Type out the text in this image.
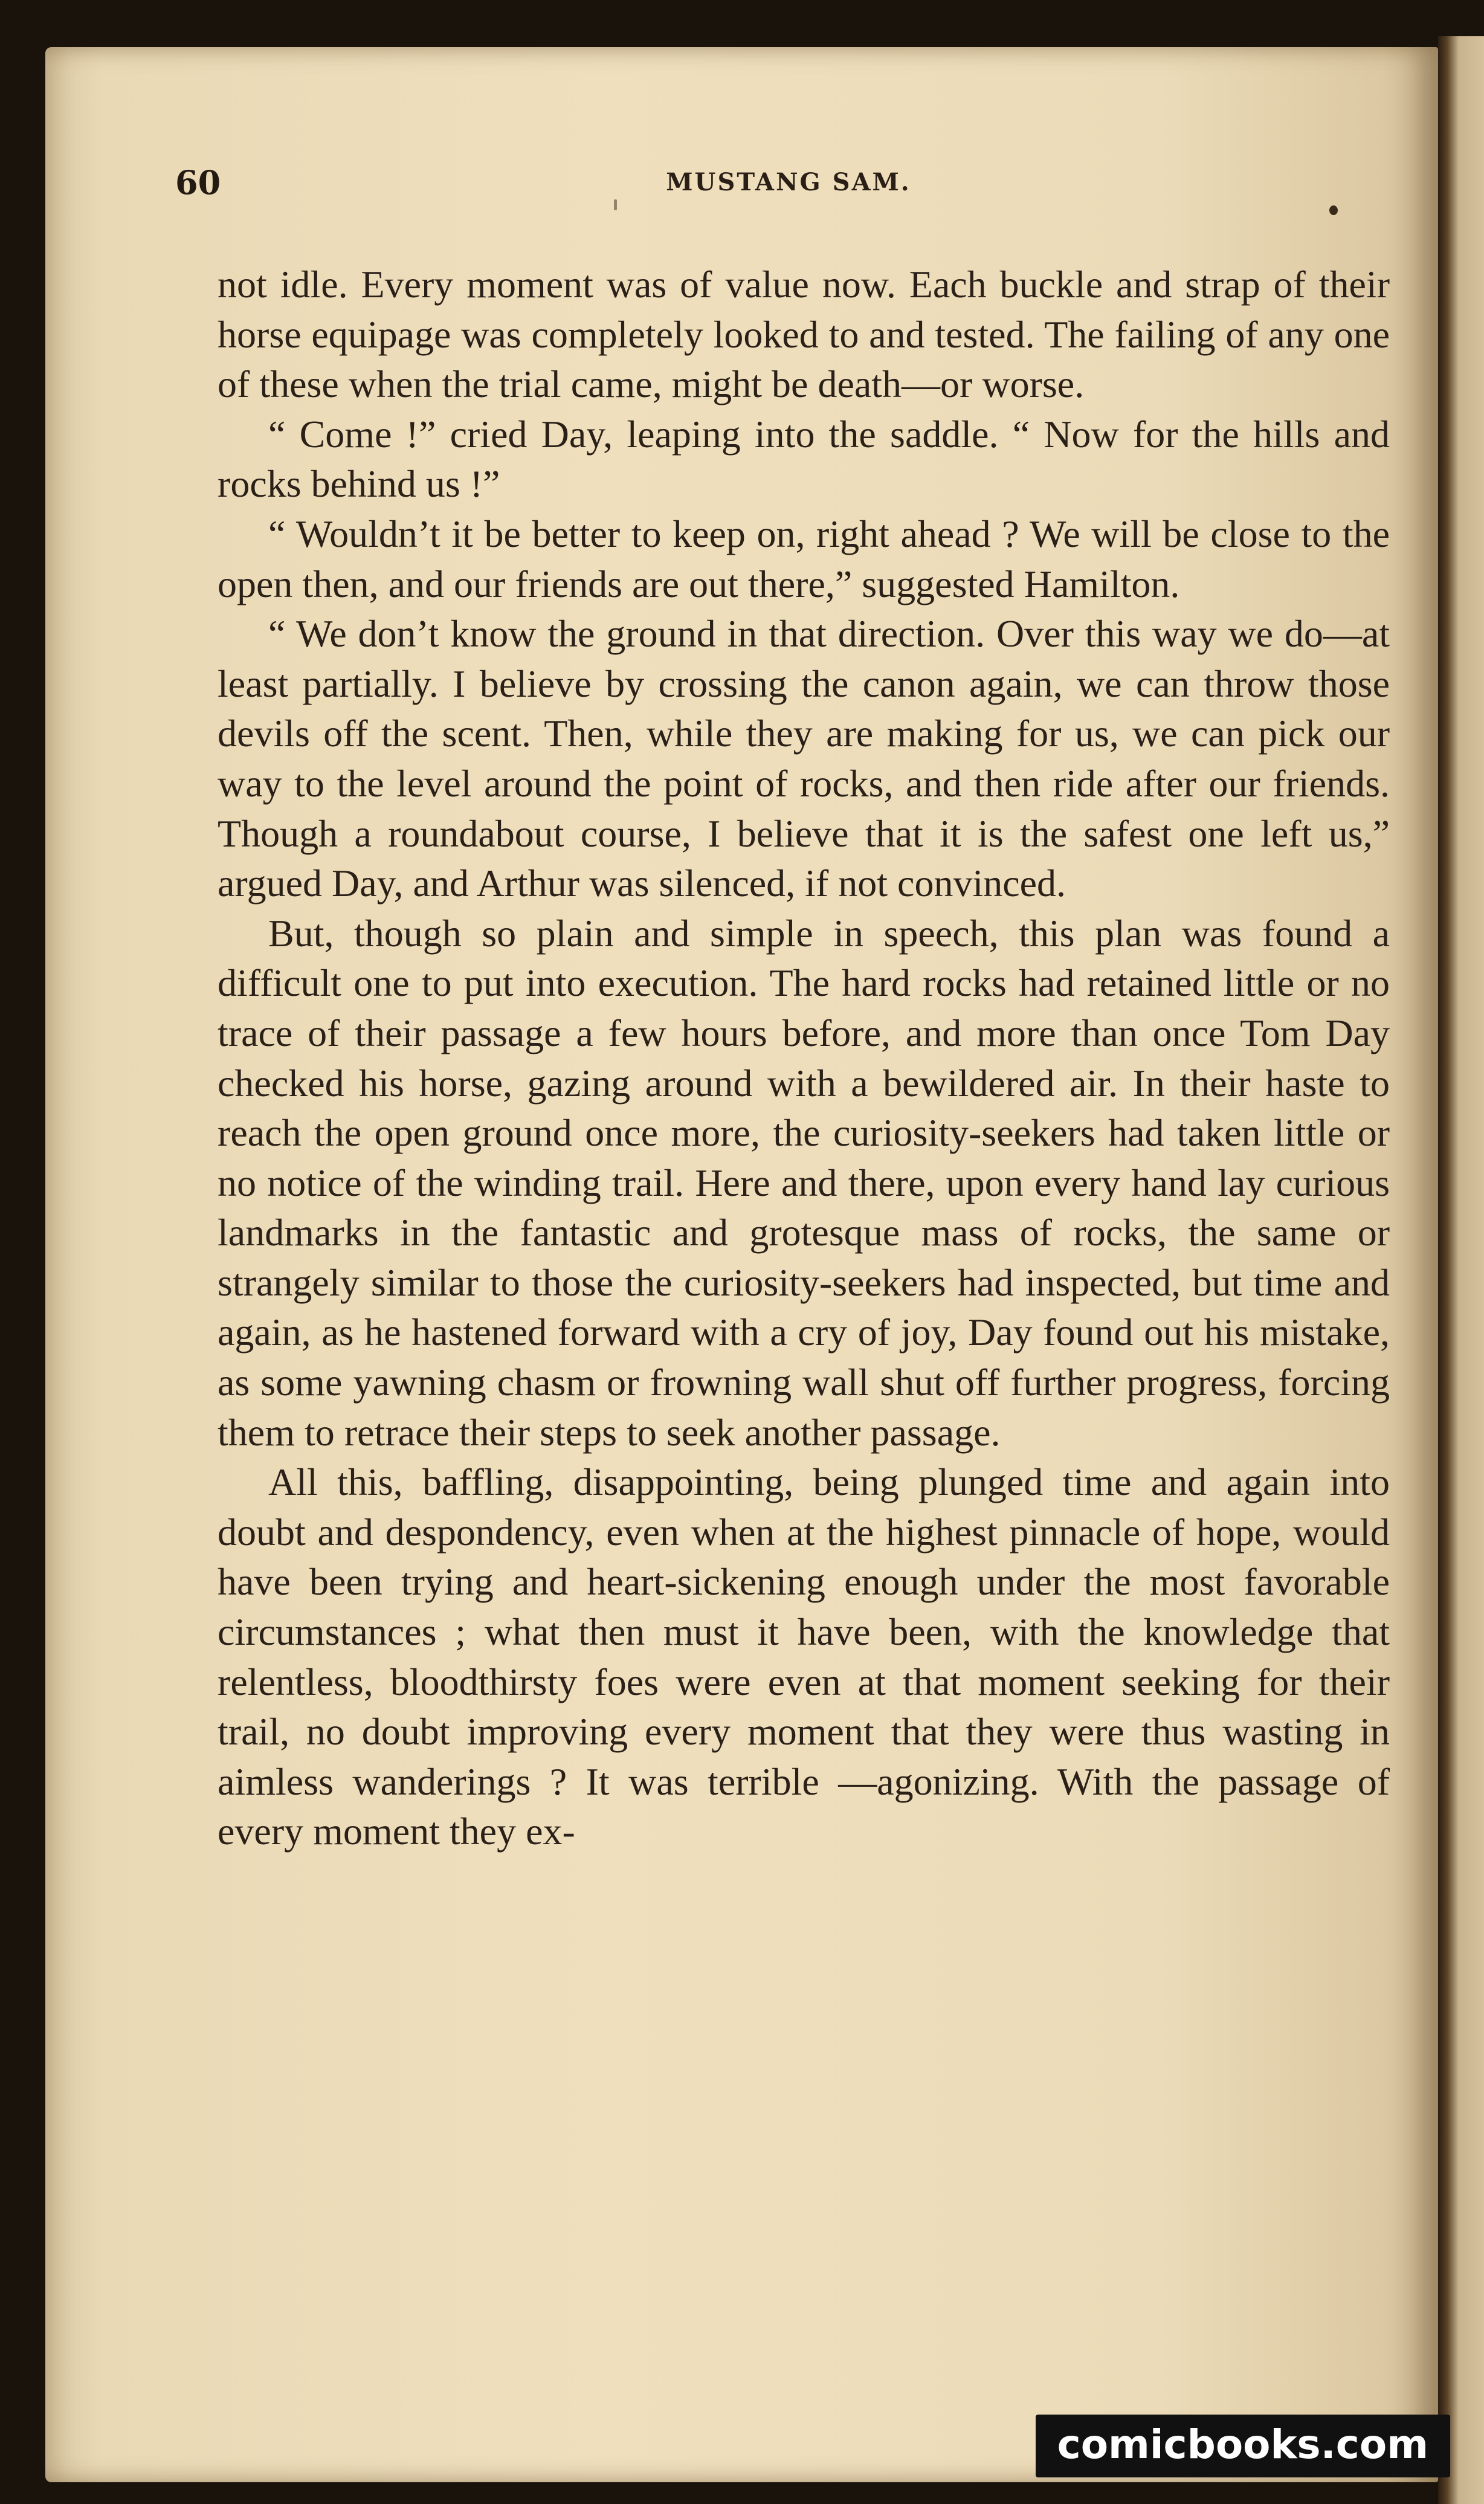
60	MUSTANG SAM.

not idle. Every moment was of value now. Each buckle and strap of their horse equipage was completely looked to and tested. The failing of any one of these when the trial came, might be death—or worse.

“ Come !” cried Day, leaping into the saddle. “ Now for the hills and rocks behind us !”

“ Wouldn’t it be better to keep on, right ahead ? We will be close to the open then, and our friends are out there,” suggested Hamilton.

“ We don’t know the ground in that direction. Over this way we do—at least partially. I believe by crossing the canon again, we can throw those devils off the scent. Then, while they are making for us, we can pick our way to the level around the point of rocks, and then ride after our friends. Though a roundabout course, I believe that it is the safest one left us,” argued Day, and Arthur was silenced, if not convinced.

But, though so plain and simple in speech, this plan was found a difficult one to put into execution. The hard rocks had retained little or no trace of their passage a few hours before, and more than once Tom Day checked his horse, gazing around with a bewildered air. In their haste to reach the open ground once more, the curiosity-seekers had taken little or no notice of the winding trail. Here and there, upon every hand lay curious landmarks in the fantastic and grotesque mass of rocks, the same or strangely similar to those the curiosity-seekers had inspected, but time and again, as he hastened forward with a cry of joy, Day found out his mistake, as some yawning chasm or frowning wall shut off further progress, forcing them to retrace their steps to seek another passage.

All this, baffling, disappointing, being plunged time and again into doubt and despondency, even when at the highest pinnacle of hope, would have been trying and heart-sickening enough under the most favorable circumstances ; what then must it have been, with the knowledge that relentless, bloodthirsty foes were even at that moment seeking for their trail, no doubt improving every moment that they were thus wasting in aimless wanderings ? It was terrible —agonizing. With the passage of every moment they ex-

comicbooks.com
